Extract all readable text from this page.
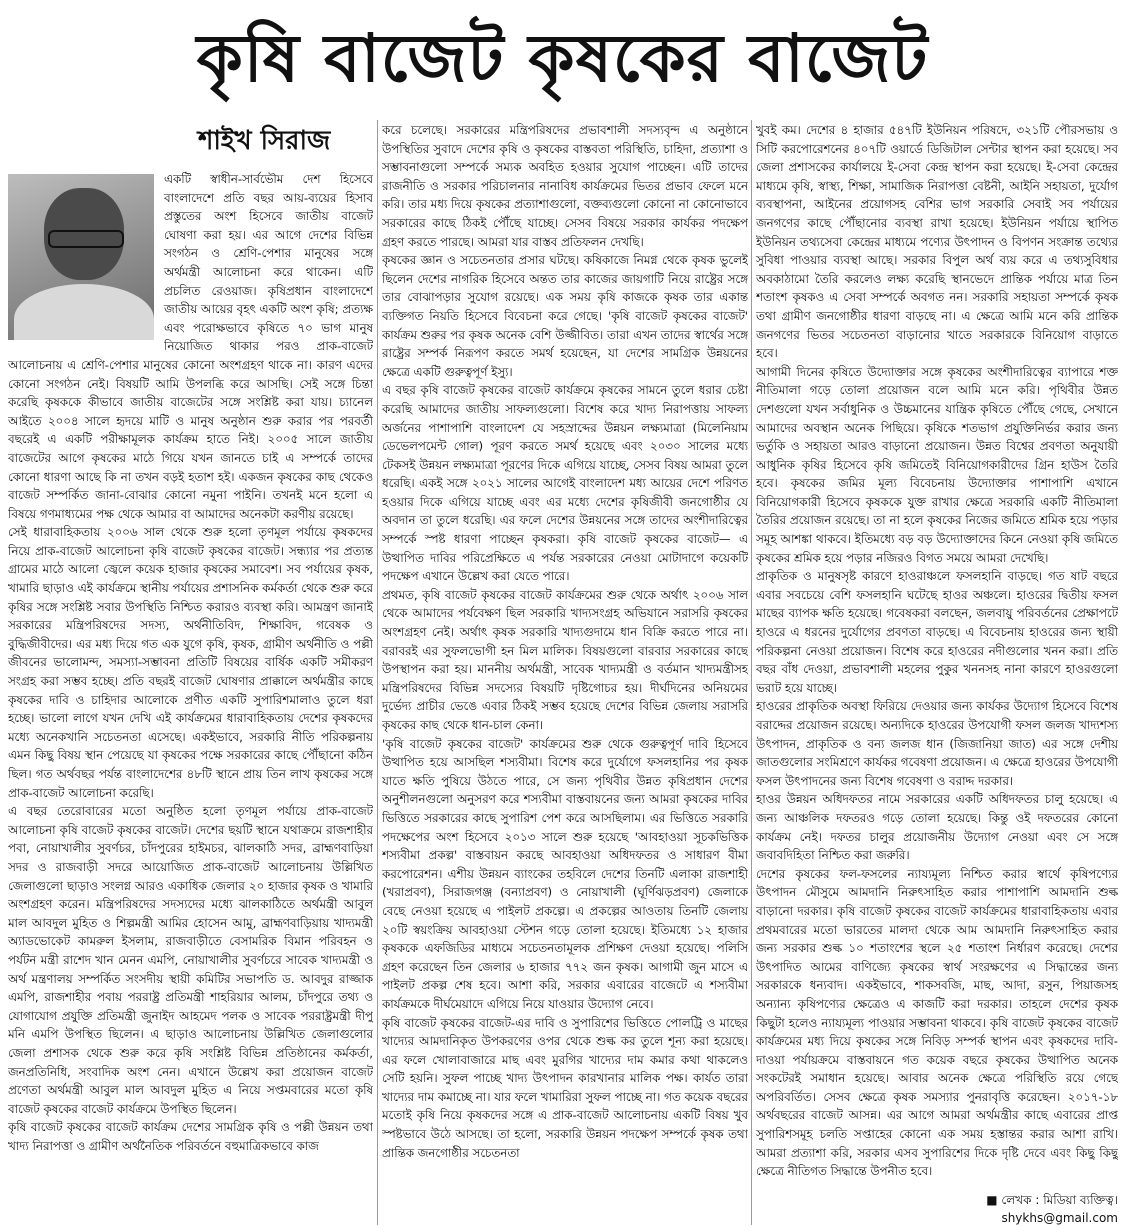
কৃষি বাজেট কৃষকের বাজেট
শাইখ সিরাজ

একটি স্বাধীন-সার্বভৌম দেশ হিসেবে বাংলাদেশে প্রতি বছর আয়-ব্যয়ের হিসাব প্রস্তুতের অংশ হিসেবে জাতীয় বাজেট ঘোষণা করা হয়। এর আগে দেশের বিভিন্ন সংগঠন ও শ্রেণি-পেশার মানুষের সঙ্গে অর্থমন্ত্রী আলোচনা করে থাকেন। এটি প্রচলিত রেওয়াজ। কৃষিপ্রধান বাংলাদেশে জাতীয় আয়ের বৃহৎ একটি অংশ কৃষি; প্রত্যক্ষ এবং পরোক্ষভাবে কৃষিতে ৭০ ভাগ মানুষ নিয়োজিত থাকার পরও প্রাক-বাজেট আলোচনায় এ শ্রেণি-পেশার মানুষের কোনো অংশগ্রহণ থাকে না। কারণ এদের কোনো সংগঠন নেই। বিষয়টি আমি উপলব্ধি করে আসছি। সেই সঙ্গে চিন্তা করেছি কৃষককে কীভাবে জাতীয় বাজেটের সঙ্গে সংশ্লিষ্ট করা যায়। চ্যানেল আইতে ২০০৪ সালে হৃদয়ে মাটি ও মানুষ অনুষ্ঠান শুরু করার পর পরবর্তী বছরেই এ একটি পরীক্ষামূলক কার্যক্রম হাতে নিই। ২০০৫ সালে জাতীয় বাজেটের আগে কৃষকের মাঠে গিয়ে যখন জানতে চাই এ সম্পর্কে তাদের কোনো ধারণা আছে কি না তখন বড়ই হতাশ হই। একজন কৃষকের কাছ থেকেও বাজেট সম্পর্কিত জানা-বোঝার কোনো নমুনা পাইনি। তখনই মনে হলো এ বিষয়ে গণমাধ্যমের পক্ষ থেকে আমার বা আমাদের অনেকটা করণীয় রয়েছে।

সেই ধারাবাহিকতায় ২০০৬ সাল থেকে শুরু হলো তৃণমূল পর্যায়ে কৃষকদের নিয়ে প্রাক-বাজেট আলোচনা কৃষি বাজেট কৃষকের বাজেট। সন্ধ্যার পর প্রত্যন্ত গ্রামের মাঠে আলো জ্বেলে কয়েক হাজার কৃষকের সমাবেশ। সব পর্যায়ের কৃষক, খামারি ছাড়াও এই কার্যক্রমে স্থানীয় পর্যায়ের প্রশাসনিক কর্মকর্তা থেকে শুরু করে কৃষির সঙ্গে সংশ্লিষ্ট সবার উপস্থিতি নিশ্চিত করারও ব্যবস্থা করি। আমন্ত্রণ জানাই সরকারের মন্ত্রিপরিষদের সদস্য, অর্থনীতিবিদ, শিক্ষাবিদ, গবেষক ও বুদ্ধিজীবীদের। এর মধ্য দিয়ে গত এক যুগে কৃষি, কৃষক, গ্রামীণ অর্থনীতি ও পল্লী জীবনের ভালোমন্দ, সমস্যা-সম্ভাবনা প্রতিটি বিষয়ের বার্ষিক একটি সমীকরণ সংগ্রহ করা সম্ভব হচ্ছে। প্রতি বছরই বাজেট ঘোষণার প্রাক্কালে অর্থমন্ত্রীর কাছে কৃষকের দাবি ও চাহিদার আলোকে প্রণীত একটি সুপারিশমালাও তুলে ধরা হচ্ছে। ভালো লাগে যখন দেখি এই কার্যক্রমের ধারাবাহিকতায় দেশের কৃষকদের মধ্যে অনেকখানি সচেতনতা এসেছে। একইভাবে, সরকারি নীতি পরিকল্পনায় এমন কিছু বিষয় স্থান পেয়েছে যা কৃষকের পক্ষে সরকারের কাছে পৌঁছানো কঠিন ছিল। গত অর্থবছর পর্যন্ত বাংলাদেশের ৪৮টি স্থানে প্রায় তিন লাখ কৃষকের সঙ্গে প্রাক-বাজেট আলোচনা করেছি।

এ বছর তেরোবারের মতো অনুষ্ঠিত হলো তৃণমূল পর্যায়ে প্রাক-বাজেট আলোচনা কৃষি বাজেট কৃষকের বাজেট। দেশের ছয়টি স্থানে যথাক্রমে রাজশাহীর পবা, নোয়াখালীর সুবর্ণচর, চাঁদপুরের হাইমচর, ঝালকাঠি সদর, ব্রাহ্মণবাড়িয়া সদর ও রাজবাড়ী সদরে আয়োজিত প্রাক-বাজেট আলোচনায় উল্লিখিত জেলাগুলো ছাড়াও সংলগ্ন আরও একাধিক জেলার ২০ হাজার কৃষক ও খামারি অংশগ্রহণ করেন। মন্ত্রিপরিষদের সদস্যদের মধ্যে ঝালকাঠিতে অর্থমন্ত্রী আবুল মাল আবদুল মুহিত ও শিল্পমন্ত্রী আমির হোসেন আমু, ব্রাহ্মণবাড়িয়ায় খাদ্যমন্ত্রী অ্যাডভোকেট কামরুল ইসলাম, রাজবাড়ীতে বেসামরিক বিমান পরিবহন ও পর্যটন মন্ত্রী রাশেদ খান মেনন এমপি, নোয়াখালীর সুবর্ণচরে সাবেক খাদ্যমন্ত্রী ও অর্থ মন্ত্রণালয় সম্পর্কিত সংসদীয় স্থায়ী কমিটির সভাপতি ড. আবদুর রাজ্জাক এমপি, রাজশাহীর পবায় পররাষ্ট্র প্রতিমন্ত্রী শাহরিয়ার আলম, চাঁদপুরে তথ্য ও যোগাযোগ প্রযুক্তি প্রতিমন্ত্রী জুনাইদ আহমেদ পলক ও সাবেক পররাষ্ট্রমন্ত্রী দীপু মনি এমপি উপস্থিত ছিলেন। এ ছাড়াও আলোচনায় উল্লিখিত জেলাগুলোর জেলা প্রশাসক থেকে শুরু করে কৃষি সংশ্লিষ্ট বিভিন্ন প্রতিষ্ঠানের কর্মকর্তা, জনপ্রতিনিধি, সংবাদিক অংশ নেন। এখানে উল্লেখ করা প্রয়োজন বাজেট প্রণেতা অর্থমন্ত্রী আবুল মাল আবদুল মুহিত এ নিয়ে সপ্তমবারের মতো কৃষি বাজেট কৃষকের বাজেট কার্যক্রমে উপস্থিত ছিলেন।

কৃষি বাজেট কৃষকের বাজেট কার্যক্রম দেশের সামগ্রিক কৃষি ও পল্লী উন্নয়ন তথা খাদ্য নিরাপত্তা ও গ্রামীণ অর্থনৈতিক পরিবর্তনে বহুমাত্রিকভাবে কাজ

করে চলেছে। সরকারের মন্ত্রিপরিষদের প্রভাবশালী সদস্যবৃন্দ এ অনুষ্ঠানে উপস্থিতির সুবাদে দেশের কৃষি ও কৃষকের বাস্তবতা পরিস্থিতি, চাহিদা, প্রত্যাশা ও সম্ভাবনাগুলো সম্পর্কে সম্যক অবহিত হওয়ার সুযোগ পাচ্ছেন। এটি তাদের রাজনীতি ও সরকার পরিচালনার নানাবিধ কার্যক্রমের ভিতর প্রভাব ফেলে মনে করি। তার মধ্য দিয়ে কৃষকের প্রত্যাশাগুলো, বক্তব্যগুলো কোনো না কোনোভাবে সরকারের কাছে ঠিকই পৌঁছে যাচ্ছে। সেসব বিষয়ে সরকার কার্যকর পদক্ষেপ গ্রহণ করতে পারছে। আমরা যার বাস্তব প্রতিফলন দেখছি।

কৃষকের জ্ঞান ও সচেতনতার প্রসার ঘটছে। কষিকাজে নিমগ্ন থেকে কৃষক ভুলেই ছিলেন দেশের নাগরিক হিসেবে অন্তত তার কাজের জায়গাটি নিয়ে রাষ্ট্রের সঙ্গে তার বোঝাপড়ার সুযোগ রয়েছে। এক সময় কৃষি কাজকে কৃষক তার একান্ত ব্যক্তিগত নিয়তি হিসেবে বিবেচনা করে গেছে। 'কৃষি বাজেট কৃষকের বাজেট' কার্যক্রম শুরুর পর কৃষক অনেক বেশি উজ্জীবিত। তারা এখন তাদের স্বার্থের সঙ্গে রাষ্ট্রের সম্পর্ক নিরূপণ করতে সমর্থ হয়েছেন, যা দেশের সামগ্রিক উন্নয়নের ক্ষেত্রে একটি গুরুত্বপূর্ণ ইস্যু।

এ বছর কৃষি বাজেট কৃষকের বাজেট কার্যক্রমে কৃষকের সামনে তুলে ধরার চেষ্টা করেছি আমাদের জাতীয় সাফল্যগুলো। বিশেষ করে খাদ্য নিরাপত্তায় সাফল্য অর্জনের পাশাপাশি বাংলাদেশ যে সহস্রাব্দের উন্নয়ন লক্ষ্যমাত্রা (মিলেনিয়াম ডেভেলপমেন্ট গোল) পূরণ করতে সমর্থ হয়েছে এবং ২০৩০ সালের মধ্যে টেকসই উন্নয়ন লক্ষ্যমাত্রা পূরণের দিকে এগিয়ে যাচ্ছে, সেসব বিষয় আমরা তুলে ধরেছি। একই সঙ্গে ২০২১ সালের আগেই বাংলাদেশ মধ্য আয়ের দেশে পরিণত হওয়ার দিকে এগিয়ে যাচ্ছে এবং এর মধ্যে দেশের কৃষিজীবী জনগোষ্ঠীর যে অবদান তা তুলে ধরেছি। এর ফলে দেশের উন্নয়নের সঙ্গে তাদের অংশীদারিত্বের সম্পর্কে স্পষ্ট ধারণা পাচ্ছেন কৃষকরা। কৃষি বাজেট কৃষকের বাজেট— এ উত্থাপিত দাবির পরিপ্রেক্ষিতে এ পর্যন্ত সরকারের নেওয়া মোটাদাগে কয়েকটি পদক্ষেপ এখানে উল্লেখ করা যেতে পারে।

প্রথমত, কৃষি বাজেট কৃষকের বাজেট কার্যক্রমের শুরু থেকে অর্থাৎ ২০০৬ সাল থেকে আমাদের পর্যবেক্ষণ ছিল সরকারি খাদ্যসংগ্রহ অভিযানে সরাসরি কৃষকের অংশগ্রহণ নেই। অর্থাৎ কৃষক সরকারি খাদ্যগুদামে ধান বিক্রি করতে পারে না। বরাবরই এর সুফলভোগী হন মিল মালিক। বিষয়গুলো বারবার সরকারের কাছে উপস্থাপন করা হয়। মাননীয় অর্থমন্ত্রী, সাবেক খাদ্যমন্ত্রী ও বর্তমান খাদ্যমন্ত্রীসহ মন্ত্রিপরিষদের বিভিন্ন সদস্যের বিষয়টি দৃষ্টিগোচর হয়। দীর্ঘদিনের অনিয়মের দুর্ভেদ্য প্রাচীর ভেঙে এবার ঠিকই সম্ভব হয়েছে দেশের বিভিন্ন জেলায় সরাসরি কৃষকের কাছ থেকে ধান-চাল কেনা।

'কৃষি বাজেট কৃষকের বাজেট' কার্যক্রমের শুরু থেকে গুরুত্বপূর্ণ দাবি হিসেবে উত্থাপিত হয়ে আসছিল শস্যবীমা। বিশেষ করে দুর্যোগে ফসলহানির পর কৃষক যাতে ক্ষতি পুষিয়ে উঠতে পারে, সে জন্য পৃথিবীর উন্নত কৃষিপ্রধান দেশের অনুশীলনগুলো অনুসরণ করে শস্যবীমা বাস্তবায়নের জন্য আমরা কৃষকের দাবির ভিত্তিতে সরকারের কাছে সুপারিশ পেশ করে আসছিলাম। এর ভিত্তিতে সরকারি পদক্ষেপের অংশ হিসেবে ২০১৩ সালে শুরু হয়েছে 'আবহাওয়া সূচকভিত্তিক শস্যবীমা প্রকল্প' বাস্তবায়ন করছে আবহাওয়া অধিদফতর ও সাধারণ বীমা করপোরেশন। এশীয় উন্নয়ন ব্যাংকের তহবিলে দেশের তিনটি এলাকা রাজশাহী (খরাপ্রবণ), সিরাজগঞ্জ (বন্যাপ্রবণ) ও নোয়াখালী (ঘূর্ণিঝড়প্রবণ) জেলাকে বেছে নেওয়া হয়েছে এ পাইলট প্রকল্পে। এ প্রকল্পের আওতায় তিনটি জেলায় ২০টি স্বয়ংক্রিয় আবহাওয়া স্টেশন গড়ে তোলা হয়েছে। ইতিমধ্যে ১২ হাজার কৃষককে এফজিডির মাধ্যমে সচেতনতামূলক প্রশিক্ষণ দেওয়া হয়েছে। পলিসি গ্রহণ করেছেন তিন জেলার ৬ হাজার ৭৭২ জন কৃষক। আগামী জুন মাসে এ পাইলট প্রকল্প শেষ হবে। আশা করি, সরকার এবারের বাজেটে এ শস্যবীমা কার্যক্রমকে দীর্ঘমেয়াদে এগিয়ে নিয়ে যাওয়ার উদ্যোগ নেবে।

কৃষি বাজেট কৃষকের বাজেট-এর দাবি ও সুপারিশের ভিত্তিতে পোলট্রি ও মাছের খাদ্যের আমদানিকৃত উপকরণের ওপর থেকে শুল্ক কর তুলে শূন্য করা হয়েছে। এর ফলে খোলাবাজারে মাছ এবং মুরগির খাদ্যের দাম কমার কথা থাকলেও সেটি হয়নি। সুফল পাচ্ছে খাদ্য উৎপাদন কারখানার মালিক পক্ষ। কার্যত তারা খাদ্যের দাম কমাচ্ছে না। যার ফলে খামারিরা সুফল পাচ্ছে না। গত কয়েক বছরের মতোই কৃষি নিয়ে কৃষকদের সঙ্গে এ প্রাক-বাজেট আলোচনায় একটি বিষয় খুব স্পষ্টভাবে উঠে আসছে। তা হলো, সরকারি উন্নয়ন পদক্ষেপ সম্পর্কে কৃষক তথা প্রান্তিক জনগোষ্ঠীর সচেতনতা

খুবই কম। দেশের ৪ হাজার ৫৪৭টি ইউনিয়ন পরিষদে, ৩২১টি পৌরসভায় ও সিটি করপোরেশনের ৪০৭টি ওয়ার্ডে ডিজিটাল সেন্টার স্থাপন করা হয়েছে। সব জেলা প্রশাসকের কার্যালয়ে ই-সেবা কেন্দ্র স্থাপন করা হয়েছে। ই-সেবা কেন্দ্রের মাধ্যমে কৃষি, স্বাস্থ্য, শিক্ষা, সামাজিক নিরাপত্তা বেষ্টনী, আইনি সহায়তা, দুর্যোগ ব্যবস্থাপনা, আইনের প্রয়োগসহ বেশির ভাগ সরকারি সেবাই সব পর্যায়ের জনগণের কাছে পৌঁছানোর ব্যবস্থা রাখা হয়েছে। ইউনিয়ন পর্যায়ে স্থাপিত ইউনিয়ন তথ্যসেবা কেন্দ্রের মাধ্যমে পণ্যের উৎপাদন ও বিপণন সংক্রান্ত তথ্যের সুবিধা পাওয়ার ব্যবস্থা আছে। সরকার বিপুল অর্থ ব্যয় করে এ তথ্যসুবিধার অবকাঠামো তৈরি করলেও লক্ষ্য করেছি স্থানভেদে প্রান্তিক পর্যায়ে মাত্র তিন শতাংশ কৃষকও এ সেবা সম্পর্কে অবগত নন। সরকারি সহায়তা সম্পর্কে কৃষক তথা গ্রামীণ জনগোষ্ঠীর ধারণা বাড়ছে না। এ ক্ষেত্রে আমি মনে করি প্রান্তিক জনগণের ভিতর সচেতনতা বাড়ানোর খাতে সরকারকে বিনিয়োগ বাড়াতে হবে।

আগামী দিনের কৃষিতে উদ্যোক্তার সঙ্গে কৃষকের অংশীদারিত্বের ব্যাপারে শক্ত নীতিমালা গড়ে তোলা প্রয়োজন বলে আমি মনে করি। পৃথিবীর উন্নত দেশগুলো যখন সর্বাধুনিক ও উচ্চমানের যান্ত্রিক কৃষিতে পৌঁছে গেছে, সেখানে আমাদের অবস্থান অনেক পিছিয়ে। কৃষিকে শতভাগ প্রযুক্তিনির্ভর করার জন্য ভর্তুকি ও সহায়তা আরও বাড়ানো প্রয়োজন। উন্নত বিশ্বের প্রবণতা অনুযায়ী আধুনিক কৃষির হিসেবে কৃষি জমিতেই বিনিয়োগকারীদের গ্রিন হাউস তৈরি হবে। কৃষকের জমির মূল্য বিবেচনায় উদ্যোক্তার পাশাপাশি এখানে বিনিয়োগকারী হিসেবে কৃষককে যুক্ত রাখার ক্ষেত্রে সরকারি একটি নীতিমালা তৈরির প্রয়োজন রয়েছে। তা না হলে কৃষকের নিজের জমিতে শ্রমিক হয়ে পড়ার সমূহ আশঙ্কা থাকবে। ইতিমধ্যে বড় বড় উদ্যোক্তাদের কিনে নেওয়া কৃষি জমিতে কৃষকের শ্রমিক হয়ে পড়ার নজিরও বিগত সময়ে আমরা দেখেছি।

প্রাকৃতিক ও মানুষসৃষ্ট কারণে হাওরাঞ্চলে ফসলহানি বাড়ছে। গত ষাট বছরে এবার সবচেয়ে বেশি ফসলহানি ঘটেছে হাওর অঞ্চলে। হাওরের দ্বিতীয় ফসল মাছের ব্যাপক ক্ষতি হয়েছে। গবেষকরা বলছেন, জলবায়ু পরিবর্তনের প্রেক্ষাপটে হাওরে এ ধরনের দুর্যোগের প্রবণতা বাড়ছে। এ বিবেচনায় হাওরের জন্য স্থায়ী পরিকল্পনা নেওয়া প্রয়োজন। বিশেষ করে হাওরের নদীগুলোর খনন করা। প্রতি বছর বাঁধ দেওয়া, প্রভাবশালী মহলের পুকুর খননসহ নানা কারণে হাওরগুলো ভরাট হয়ে যাচ্ছে।

হাওরের প্রাকৃতিক অবস্থা ফিরিয়ে দেওয়ার জন্য কার্যকর উদ্যোগ হিসেবে বিশেষ বরাদ্দের প্রয়োজন রয়েছে। অন্যদিকে হাওরের উপযোগী ফসল জলজ খাদ্যশস্য উৎপাদন, প্রাকৃতিক ও বন্য জলজ ধান (জিজানিয়া জাত) এর সঙ্গে দেশীয় জাতগুলোর সংমিশ্রণে কার্যকর গবেষণা প্রয়োজন। এ ক্ষেত্রে হাওরের উপযোগী ফসল উৎপাদনের জন্য বিশেষ গবেষণা ও বরাদ্দ দরকার।

হাওর উন্নয়ন অধিদফতর নামে সরকারের একটি অধিদফতর চালু হয়েছে। এ জন্য আঞ্চলিক দফতরও গড়ে তোলা হয়েছে। কিন্তু ওই দফতরের কোনো কার্যক্রম নেই। দফতর চালুর প্রয়োজনীয় উদ্যোগ নেওয়া এবং সে সঙ্গে জবাবদিহিতা নিশ্চিত করা জরুরি।

দেশের কৃষকের ফল-ফসলের ন্যায্যমূল্য নিশ্চিত করার স্বার্থে কৃষিপণ্যের উৎপাদন মৌসুমে আমদানি নিরুৎসাহিত করার পাশাপাশি আমদানি শুল্ক বাড়ানো দরকার। কৃষি বাজেট কৃষকের বাজেট কার্যক্রমের ধারাবাহিকতায় এবার প্রথমবারের মতো ভারতের মালদা থেকে আম আমদানি নিরুৎসাহিত করার জন্য সরকার শুল্ক ১০ শতাংশের স্থলে ২৫ শতাংশ নির্ধারণ করেছে। দেশের উৎপাদিত আমের বাণিজ্যে কৃষকের স্বার্থ সংরক্ষণের এ সিদ্ধান্তের জন্য সরকারকে ধন্যবাদ। একইভাবে, শাকসবজি, মাছ, আদা, রসুন, পিয়াজসহ অন্যান্য কৃষিপণ্যের ক্ষেত্রেও এ কাজটি করা দরকার। তাহলে দেশের কৃষক কিছুটা হলেও ন্যায্যমূল্য পাওয়ার সম্ভাবনা থাকবে। কৃষি বাজেট কৃষকের বাজেট কার্যক্রমের মধ্য দিয়ে কৃষকের সঙ্গে নিবিড় সম্পর্ক স্থাপন এবং কৃষকদের দাবি-দাওয়া পর্যায়ক্রমে বাস্তবায়নে গত কয়েক বছরে কৃষকের উত্থাপিত অনেক সংকটেরই সমাধান হয়েছে। আবার অনেক ক্ষেত্রে পরিস্থিতি রয়ে গেছে অপরিবর্তিত। সেসব ক্ষেত্রে কৃষক সমস্যার পুনরাবৃত্তি করেছেন। ২০১৭-১৮ অর্থবছরের বাজেট আসন্ন। এর আগে আমরা অর্থমন্ত্রীর কাছে এবারের প্রাপ্ত সুপারিশসমূহ চলতি সপ্তাহের কোনো এক সময় হস্তান্তর করার আশা রাখি। আমরা প্রত্যাশা করি, সরকার এসব সুপারিশের দিকে দৃষ্টি দেবে এবং কিছু কিছু ক্ষেত্রে নীতিগত সিদ্ধান্তে উপনীত হবে।

■ লেখক : মিডিয়া ব্যক্তিত্ব।
shykhs@gmail.com
